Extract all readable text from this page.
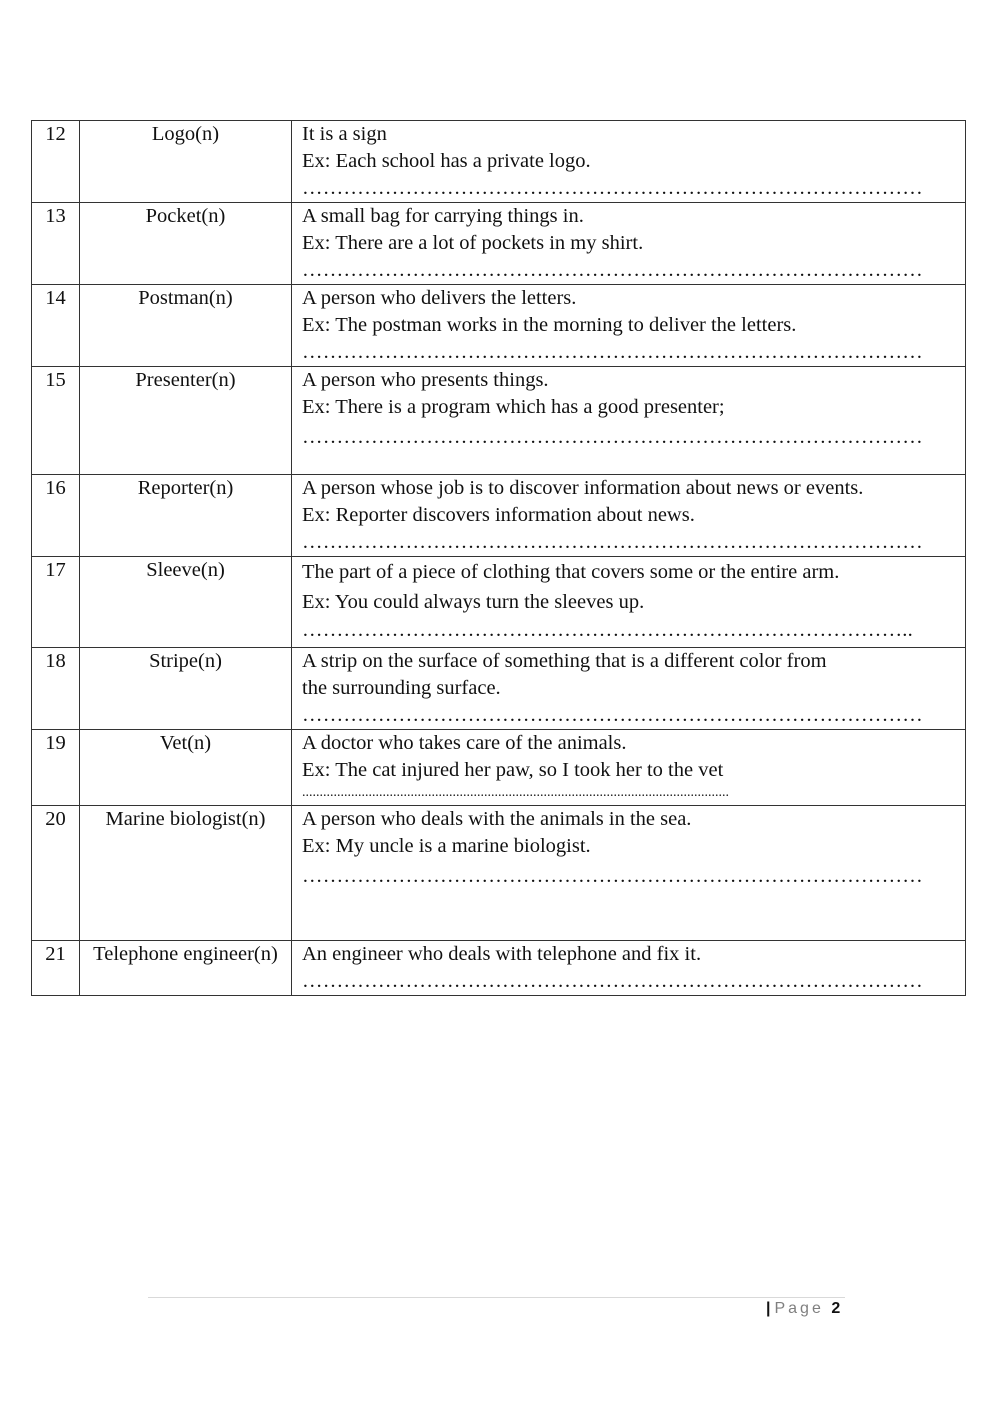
12	Logo(n)	It is a sign
Ex: Each school has a private logo.
………………………………………………………………………………

13	Pocket(n)	A small bag for carrying things in.
Ex: There are a lot of pockets in my shirt.
………………………………………………………………………………

14	Postman(n)	A person who delivers the letters.
Ex: The postman works in the morning to deliver the letters.
………………………………………………………………………………

15	Presenter(n)	A person who presents things.
Ex: There is a program which has a good presenter;
………………………………………………………………………………

16	Reporter(n)	A person whose job is to discover information about news or events.
Ex: Reporter discovers information about news.
………………………………………………………………………………

17	Sleeve(n)	The part of a piece of clothing that covers some or the entire arm.
Ex: You could always turn the sleeves up.
……………………………………………………………………………..

18	Stripe(n)	A strip on the surface of something that is a different color from
the surrounding surface.
………………………………………………………………………………

19	Vet(n)	A doctor who takes care of the animals.
Ex: The cat injured her paw, so I took her to the vet
..........................................................................................................................

20	Marine biologist(n)	A person who deals with the animals in the sea.
Ex: My uncle is a marine biologist.
………………………………………………………………………………

21	Telephone engineer(n)	An engineer who deals with telephone and fix it.
………………………………………………………………………………
| Page 2
